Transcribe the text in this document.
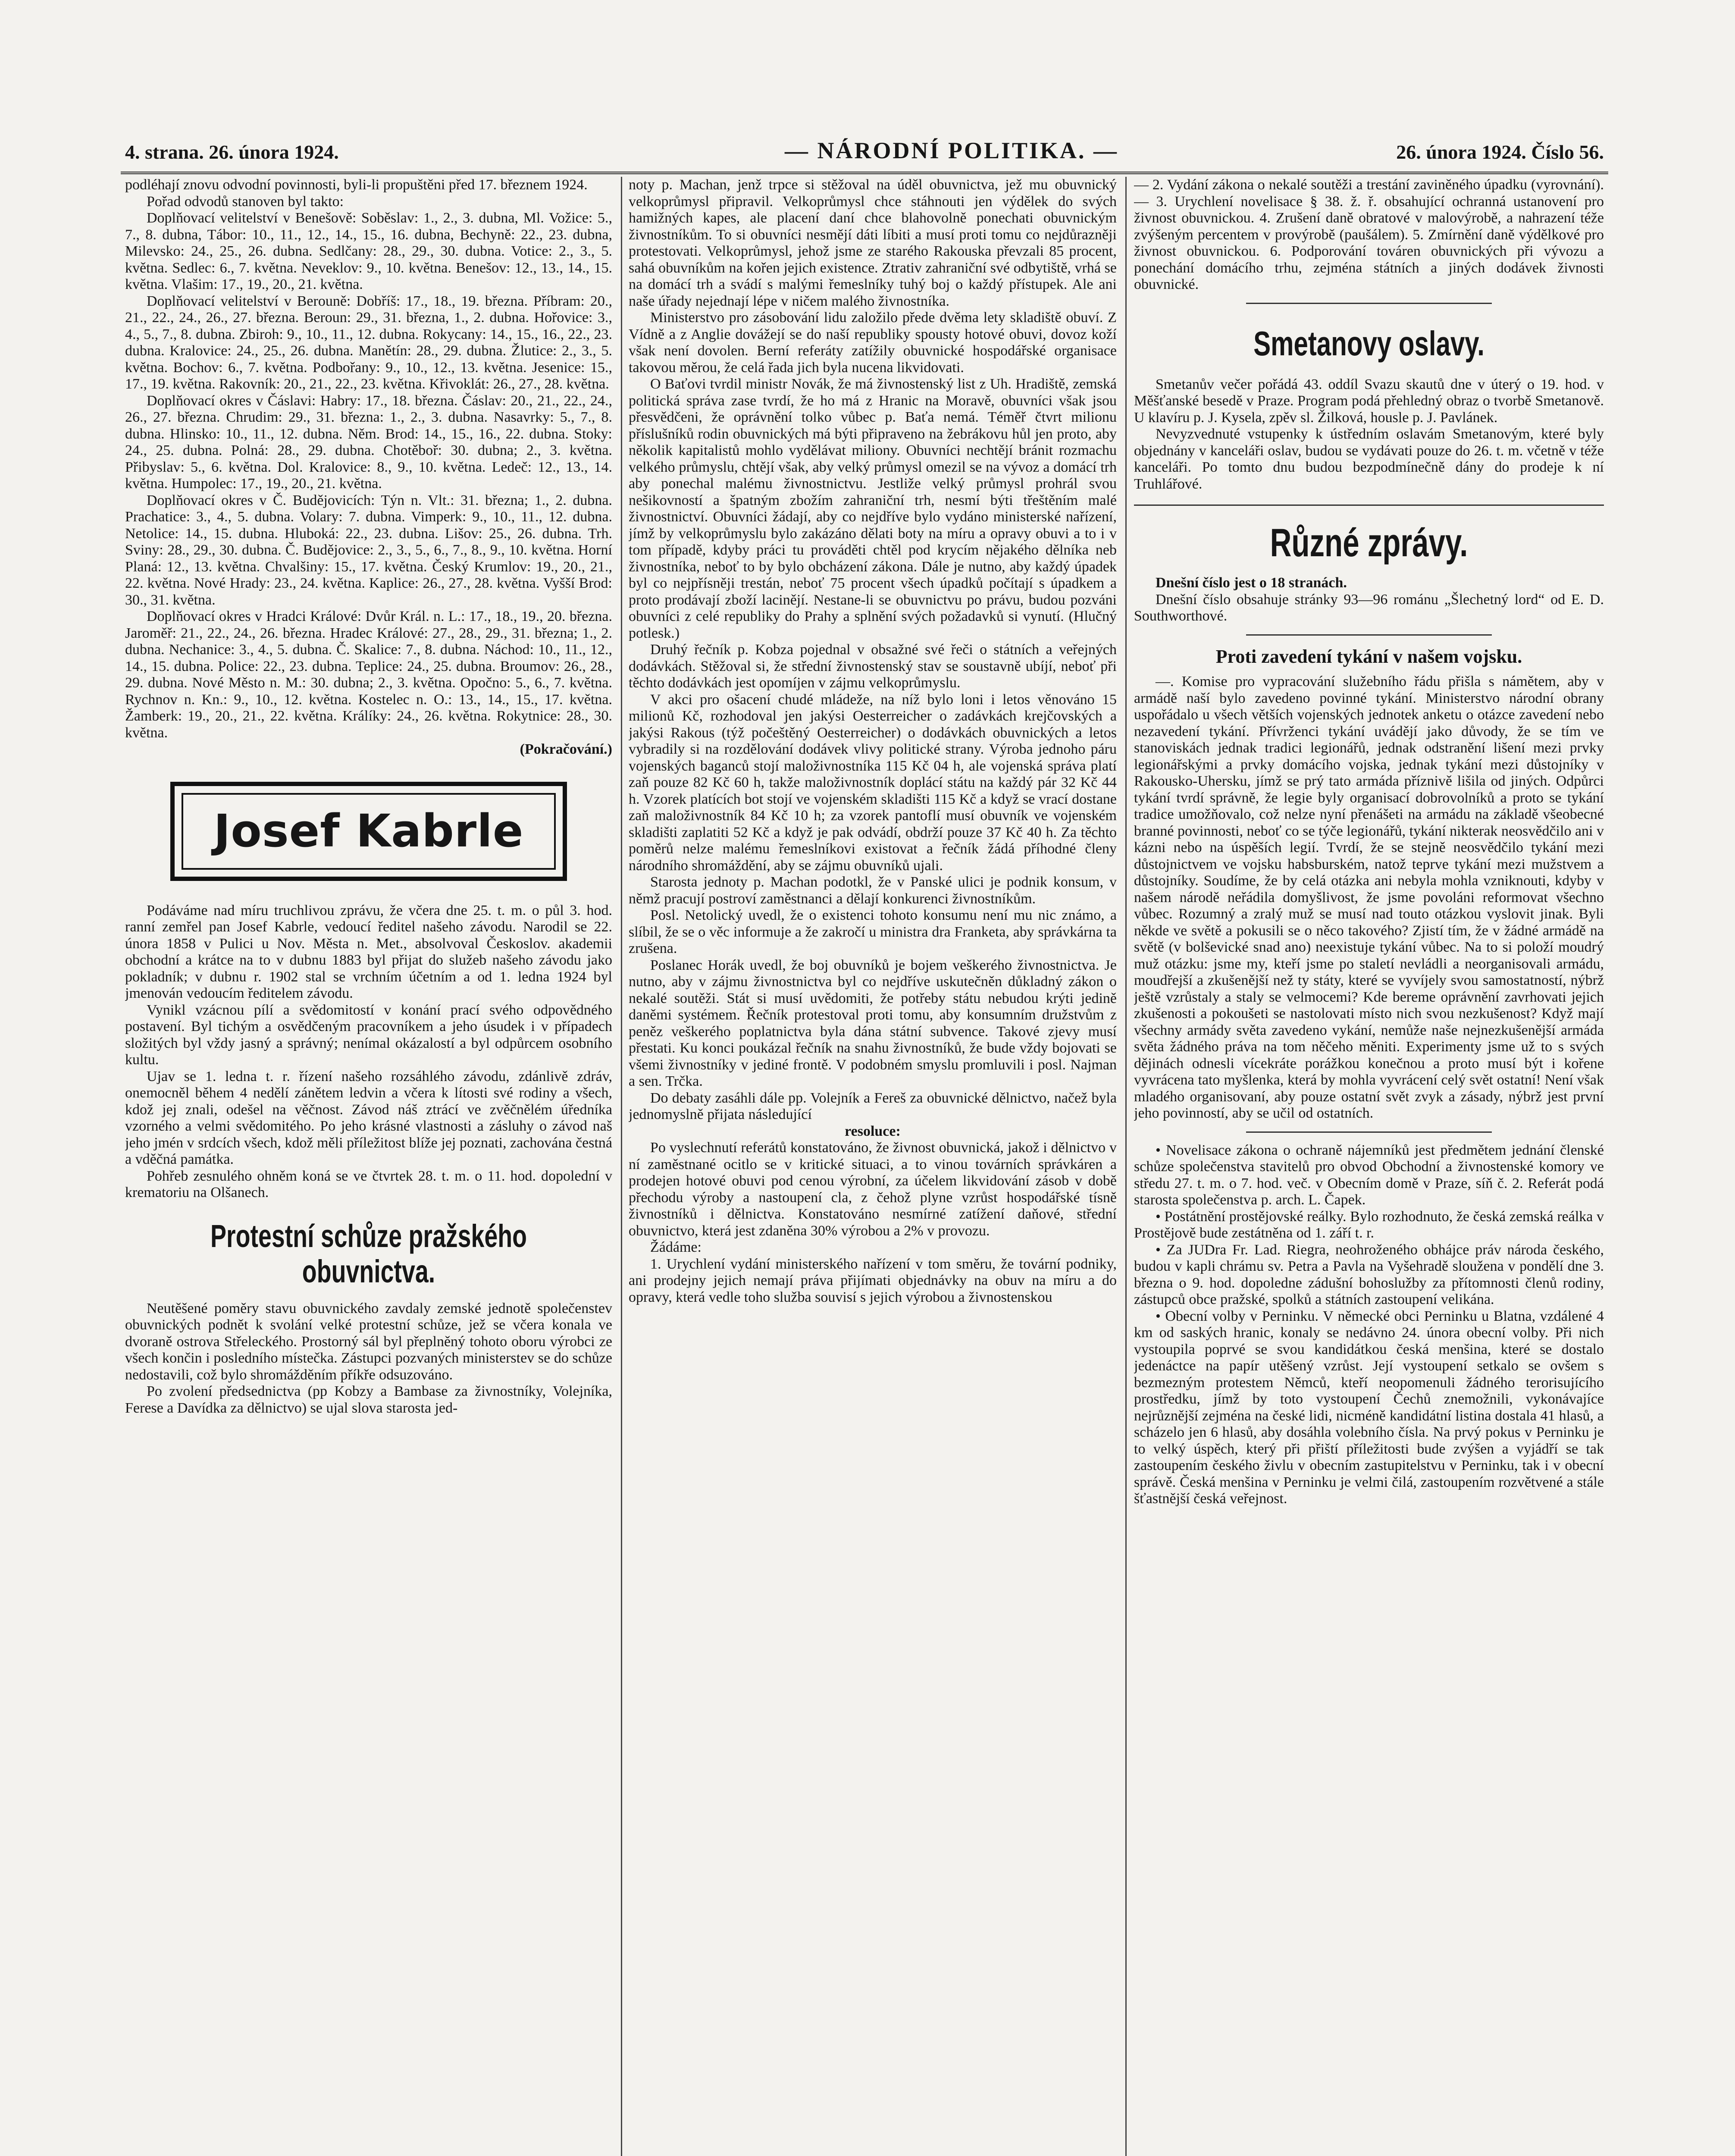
4. strana. 26. února 1924.	— NÁRODNÍ POLITIKA. —	26. února 1924. Číslo 56.

podléhají znovu odvodní povinnosti, byli-li propuštěni před 17. březnem 1924.

Pořad odvodů stanoven byl takto:

Doplňovací velitelství v Benešově: Soběslav: 1., 2., 3. dubna, Ml. Vožice: 5., 7., 8. dubna, Tábor: 10., 11., 12., 14., 15., 16. dubna, Bechyně: 22., 23. dubna, Milevsko: 24., 25., 26. dubna. Sedlčany: 28., 29., 30. dubna. Votice: 2., 3., 5. května. Sedlec: 6., 7. května. Neveklov: 9., 10. května. Benešov: 12., 13., 14., 15. května. Vlašim: 17., 19., 20., 21. května.

Doplňovací velitelství v Berouně: Dobříš: 17., 18., 19. března. Příbram: 20., 21., 22., 24., 26., 27. března. Beroun: 29., 31. března, 1., 2. dubna. Hořovice: 3., 4., 5., 7., 8. dubna. Zbiroh: 9., 10., 11., 12. dubna. Rokycany: 14., 15., 16., 22., 23. dubna. Kralovice: 24., 25., 26. dubna. Manětín: 28., 29. dubna. Žlutice: 2., 3., 5. května. Bochov: 6., 7. května. Podbořany: 9., 10., 12., 13. května. Jesenice: 15., 17., 19. května. Rakovník: 20., 21., 22., 23. května. Křivoklát: 26., 27., 28. května.

Doplňovací okres v Čáslavi: Habry: 17., 18. března. Čáslav: 20., 21., 22., 24., 26., 27. března. Chrudim: 29., 31. března: 1., 2., 3. dubna. Nasavrky: 5., 7., 8. dubna. Hlinsko: 10., 11., 12. dubna. Něm. Brod: 14., 15., 16., 22. dubna. Stoky: 24., 25. dubna. Polná: 28., 29. dubna. Chotěboř: 30. dubna; 2., 3. května. Přibyslav: 5., 6. května. Dol. Kralovice: 8., 9., 10. května. Ledeč: 12., 13., 14. května. Humpolec: 17., 19., 20., 21. května.

Doplňovací okres v Č. Budějovicích: Týn n. Vlt.: 31. března; 1., 2. dubna. Prachatice: 3., 4., 5. dubna. Volary: 7. dubna. Vimperk: 9., 10., 11., 12. dubna. Netolice: 14., 15. dubna. Hluboká: 22., 23. dubna. Lišov: 25., 26. dubna. Trh. Sviny: 28., 29., 30. dubna. Č. Budějovice: 2., 3., 5., 6., 7., 8., 9., 10. května. Horní Planá: 12., 13. května. Chvalšiny: 15., 17. května. Český Krumlov: 19., 20., 21., 22. května. Nové Hrady: 23., 24. května. Kaplice: 26., 27., 28. května. Vyšší Brod: 30., 31. května.

Doplňovací okres v Hradci Králové: Dvůr Král. n. L.: 17., 18., 19., 20. března. Jaroměř: 21., 22., 24., 26. března. Hradec Králové: 27., 28., 29., 31. března; 1., 2. dubna. Nechanice: 3., 4., 5. dubna. Č. Skalice: 7., 8. dubna. Náchod: 10., 11., 12., 14., 15. dubna. Police: 22., 23. dubna. Teplice: 24., 25. dubna. Broumov: 26., 28., 29. dubna. Nové Město n. M.: 30. dubna; 2., 3. května. Opočno: 5., 6., 7. května. Rychnov n. Kn.: 9., 10., 12. května. Kostelec n. O.: 13., 14., 15., 17. května. Žamberk: 19., 20., 21., 22. května. Králíky: 24., 26. května. Rokytnice: 28., 30. května.

(Pokračování.)

Josef Kabrle

Podáváme nad míru truchlivou zprávu, že včera dne 25. t. m. o půl 3. hod. ranní zemřel pan Josef Kabrle, vedoucí ředitel našeho závodu. Narodil se 22. února 1858 v Pulici u Nov. Města n. Met., absolvoval Českoslov. akademii obchodní a krátce na to v dubnu 1883 byl přijat do služeb našeho závodu jako pokladník; v dubnu r. 1902 stal se vrchním účetním a od 1. ledna 1924 byl jmenován vedoucím ředitelem závodu.

Vynikl vzácnou pílí a svědomitostí v konání prací svého odpovědného postavení. Byl tichým a osvědčeným pracovníkem a jeho úsudek i v případech složitých byl vždy jasný a správný; nenímal okázalostí a byl odpůrcem osobního kultu.

Ujav se 1. ledna t. r. řízení našeho rozsáhlého závodu, zdánlivě zdráv, onemocněl během 4 nedělí zánětem ledvin a včera k lítosti své rodiny a všech, kdož jej znali, odešel na věčnost. Závod náš ztrácí ve zvěčnělém úředníka vzorného a velmi svědomitého. Po jeho krásné vlastnosti a zásluhy o závod naš jeho jmén v srdcích všech, kdož měli příležitost blíže jej poznati, zachována čestná a vděčná památka.

Pohřeb zesnulého ohněm koná se ve čtvrtek 28. t. m. o 11. hod. dopolední v krematoriu na Olšanech.

Protestní schůze pražského obuvnictva.

Neutěšené poměry stavu obuvnického zavdaly zemské jednotě společenstev obuvnických podnět k svolání velké protestní schůze, jež se včera konala ve dvoraně ostrova Střeleckého. Prostorný sál byl přeplněný tohoto oboru výrobci ze všech končin i posledního místečka. Zástupci pozvaných ministerstev se do schůze nedostavili, což bylo shromážděním příkře odsuzováno.

Po zvolení předsednictva (pp Kobzy a Bambase za živnostníky, Volejníka, Ferese a Davídka za dělnictvo) se ujal slova starosta jed-

noty p. Machan, jenž trpce si stěžoval na úděl obuvnictva, jež mu obuvnický velkoprůmysl připravil. Velkoprůmysl chce stáhnouti jen výdělek do svých hamižných kapes, ale placení daní chce blahovolně ponechati obuvnickým živnostníkům. To si obuvníci nesmějí dáti líbiti a musí proti tomu co nejdůrazněji protestovati. Velkoprůmysl, jehož jsme ze starého Rakouska převzali 85 procent, sahá obuvníkům na kořen jejich existence. Ztrativ zahraniční své odbytiště, vrhá se na domácí trh a svádí s malými řemeslníky tuhý boj o každý přístupek. Ale ani naše úřady nejednají lépe v ničem malého živnostníka.

Ministerstvo pro zásobování lidu založilo přede dvěma lety skladiště obuví. Z Vídně a z Anglie dovážejí se do naší republiky spousty hotové obuvi, dovoz koží však není dovolen. Berní referáty zatížily obuvnické hospodářské organisace takovou měrou, že celá řada jich byla nucena likvidovati.

O Baťovi tvrdil ministr Novák, že má živnostenský list z Uh. Hradiště, zemská politická správa zase tvrdí, že ho má z Hranic na Moravě, obuvníci však jsou přesvědčeni, že oprávnění tolko vůbec p. Baťa nemá. Téměř čtvrt milionu příslušníků rodin obuvnických má býti připraveno na žebrákovu hůl jen proto, aby několik kapitalistů mohlo vydělávat miliony. Obuvníci nechtějí bránit rozmachu velkého průmyslu, chtějí však, aby velký průmysl omezil se na vývoz a domácí trh aby ponechal malému živnostnictvu. Jestliže velký průmysl prohrál svou nešikovností a špatným zbožím zahraniční trh, nesmí býti třeštěním malé živnostnictví. Obuvníci žádají, aby co nejdříve bylo vydáno ministerské nařízení, jímž by velkoprůmyslu bylo zakázáno dělati boty na míru a opravy obuvi a to i v tom případě, kdyby práci tu prováděti chtěl pod krycím nějakého dělníka neb živnostníka, neboť to by bylo obcházení zákona. Dále je nutno, aby každý úpadek byl co nejpřísněji trestán, neboť 75 procent všech úpadků počítají s úpadkem a proto prodávají zboží lacinějí. Nestane-li se obuvnictvu po právu, budou pozváni obuvníci z celé republiky do Prahy a splnění svých požadavků si vynutí. (Hlučný potlesk.)

Druhý řečník p. Kobza pojednal v obsažné své řeči o státních a veřejných dodávkách. Stěžoval si, že střední živnostenský stav se soustavně ubíjí, neboť při těchto dodávkách jest opomíjen v zájmu velkoprůmyslu.

V akci pro ošacení chudé mládeže, na níž bylo loni i letos věnováno 15 milionů Kč, rozhodoval jen jakýsi Oesterreicher o zadávkách krejčovských a jakýsi Rakous (týž počeštěný Oesterreicher) o dodávkách obuvnických a letos vybradily si na rozdělování dodávek vlivy politické strany. Výroba jednoho páru vojenských baganců stojí maloživnostníka 115 Kč 04 h, ale vojenská správa platí zaň pouze 82 Kč 60 h, takže maloživnostník doplácí státu na každý pár 32 Kč 44 h. Vzorek platících bot stojí ve vojenském skladišti 115 Kč a když se vrací dostane zaň maloživnostník 84 Kč 10 h; za vzorek pantoflí musí obuvník ve vojenském skladišti zaplatiti 52 Kč a když je pak odvádí, obdrží pouze 37 Kč 40 h. Za těchto poměrů nelze malému řemeslníkovi existovat a řečník žádá příhodné členy národního shromáždění, aby se zájmu obuvníků ujali.

Starosta jednoty p. Machan podotkl, že v Panské ulici je podnik konsum, v němž pracují postroví zaměstnanci a dělají konkurenci živnostníkům.

Posl. Netolický uvedl, že o existenci tohoto konsumu není mu nic známo, a slíbil, že se o věc informuje a že zakročí u ministra dra Franketa, aby správkárna ta zrušena.

Poslanec Horák uvedl, že boj obuvníků je bojem veškerého živnostnictva. Je nutno, aby v zájmu živnostnictva byl co nejdříve uskutečněn důkladný zákon o nekalé soutěži. Stát si musí uvědomiti, že potřeby státu nebudou krýti jedině daněmi systémem. Řečník protestoval proti tomu, aby konsumním družstvům z peněz veškerého poplatnictva byla dána státní subvence. Takové zjevy musí přestati. Ku konci poukázal řečník na snahu živnostníků, že bude vždy bojovati se všemi živnostníky v jediné frontě. V podobném smyslu promluvili i posl. Najman a sen. Trčka.

Do debaty zasáhli dále pp. Volejník a Fereš za obuvnické dělnictvo, načež byla jednomyslně přijata následující

resoluce:

Po vyslechnutí referátů konstatováno, že živnost obuvnická, jakož i dělnictvo v ní zaměstnané ocitlo se v kritické situaci, a to vinou továrních správkáren a prodejen hotové obuvi pod cenou výrobní, za účelem likvidování zásob v době přechodu výroby a nastoupení cla, z čehož plyne vzrůst hospodářské tísně živnostníků i dělnictva. Konstatováno nesmírné zatížení daňové, střední obuvnictvo, která jest zdaněna 30% výrobou a 2% v provozu.

Žádáme:

1. Urychlení vydání ministerského nařízení v tom směru, že tovární podniky, ani prodejny jejich nemají práva přijímati objednávky na obuv na míru a do opravy, která vedle toho služba souvisí s jejich výrobou a živnostenskou

— 2. Vydání zákona o nekalé soutěži a trestání zaviněného úpadku (vyrovnání). — 3. Urychlení novelisace § 38. ž. ř. obsahující ochranná ustanovení pro živnost obuvnickou. 4. Zrušení daně obratové v malovýrobě, a nahrazení téže zvýšeným percentem v provýrobě (paušálem). 5. Zmírnění daně výdělkové pro živnost obuvnickou. 6. Podporování továren obuvnických při vývozu a ponechání domácího trhu, zejména státních a jiných dodávek živnosti obuvnické.

Smetanovy oslavy.

Smetanův večer pořádá 43. oddíl Svazu skautů dne v úterý o 19. hod. v Měšťanské besedě v Praze. Program podá přehledný obraz o tvorbě Smetanově. U klavíru p. J. Kysela, zpěv sl. Žilková, housle p. J. Pavlánek.

Nevyzvednuté vstupenky k ústředním oslavám Smetanovým, které byly objednány v kanceláři oslav, budou se vydávati pouze do 26. t. m. včetně v téže kanceláři. Po tomto dnu budou bezpodmínečně dány do prodeje k ní Truhlářové.

Různé zprávy.

Dnešní číslo jest o 18 stranách.

Dnešní číslo obsahuje stránky 93—96 románu „Šlechetný lord“ od E. D. Southworthové.

Proti zavedení tykání v našem vojsku.

—. Komise pro vypracování služebního řádu přišla s námětem, aby v armádě naší bylo zavedeno povinné tykání. Ministerstvo národní obrany uspořádalo u všech větších vojenských jednotek anketu o otázce zavedení nebo nezavedení tykání. Přívrženci tykání uvádějí jako důvody, že se tím ve stanoviskách jednak tradici legionářů, jednak odstranění lišení mezi prvky legionářskými a prvky domácího vojska, jednak tykání mezi důstojníky v Rakousko-Uhersku, jímž se prý tato armáda příznivě lišila od jiných. Odpůrci tykání tvrdí správně, že legie byly organisací dobrovolníků a proto se tykání tradice umožňovalo, což nelze nyní přenášeti na armádu na základě všeobecné branné povinnosti, neboť co se týče legionářů, tykání nikterak neosvědčilo ani v kázni nebo na úspěších legií. Tvrdí, že se stejně neosvědčilo tykání mezi důstojnictvem ve vojsku habsburském, natož teprve tykání mezi mužstvem a důstojníky. Soudíme, že by celá otázka ani nebyla mohla vzniknouti, kdyby v našem národě neřádila domyšlivost, že jsme povoláni reformovat všechno vůbec. Rozumný a zralý muž se musí nad touto otázkou vyslovit jinak. Byli někde ve světě a pokusili se o něco takového? Zjistí tím, že v žádné armádě na světě (v bolševické snad ano) neexistuje tykání vůbec. Na to si položí moudrý muž otázku: jsme my, kteří jsme po staletí nevládli a neorganisovali armádu, moudřejší a zkušenější než ty státy, které se vyvíjely svou samostatností, nýbrž ještě vzrůstaly a staly se velmocemi? Kde bereme oprávnění zavrhovati jejich zkušenosti a pokoušeti se nastolovati místo nich svou nezkušenost? Když mají všechny armády světa zavedeno vykání, nemůže naše nejnezkušenější armáda světa žádného práva na tom něčeho měniti. Experimenty jsme už to s svých dějinách odnesli vícekráte porážkou konečnou a proto musí být i kořene vyvrácena tato myšlenka, která by mohla vyvrácení celý svět ostatní! Není však mladého organisovaní, aby pouze ostatní svět zvyk a zásady, nýbrž jest první jeho povinností, aby se učil od ostatních.

• Novelisace zákona o ochraně nájemníků jest předmětem jednání členské schůze společenstva stavitelů pro obvod Obchodní a živnostenské komory ve středu 27. t. m. o 7. hod. več. v Obecním domě v Praze, síň č. 2. Referát podá starosta společenstva p. arch. L. Čapek.

• Postátnění prostějovské reálky. Bylo rozhodnuto, že česká zemská reálka v Prostějově bude zestátněna od 1. září t. r.

• Za JUDra Fr. Lad. Riegra, neohroženého obhájce práv národa českého, budou v kapli chrámu sv. Petra a Pavla na Vyšehradě sloužena v pondělí dne 3. března o 9. hod. dopoledne zádušní bohoslužby za přítomnosti členů rodiny, zástupců obce pražské, spolků a státních zastoupení velikána.

• Obecní volby v Perninku. V německé obci Perninku u Blatna, vzdálené 4 km od saských hranic, konaly se nedávno 24. února obecní volby. Při nich vystoupila poprvé se svou kandidátkou česká menšina, které se dostalo jedenáctce na papír utěšený vzrůst. Její vystoupení setkalo se ovšem s bezmezným protestem Němců, kteří neopomenuli žádného terorisujícího prostředku, jímž by toto vystoupení Čechů znemožnili, vykonávajíce nejrůznější zejména na české lidi, nicméně kandidátní listina dostala 41 hlasů, a scházelo jen 6 hlasů, aby dosáhla volebního čísla. Na prvý pokus v Perninku je to velký úspěch, který při přiští příležitosti bude zvýšen a vyjádří se tak zastoupením českého živlu v obecním zastupitelstvu v Perninku, tak i v obecní správě. Česká menšina v Perninku je velmi čilá, zastoupením rozvětvené a stále šťastnější česká veřejnost.
